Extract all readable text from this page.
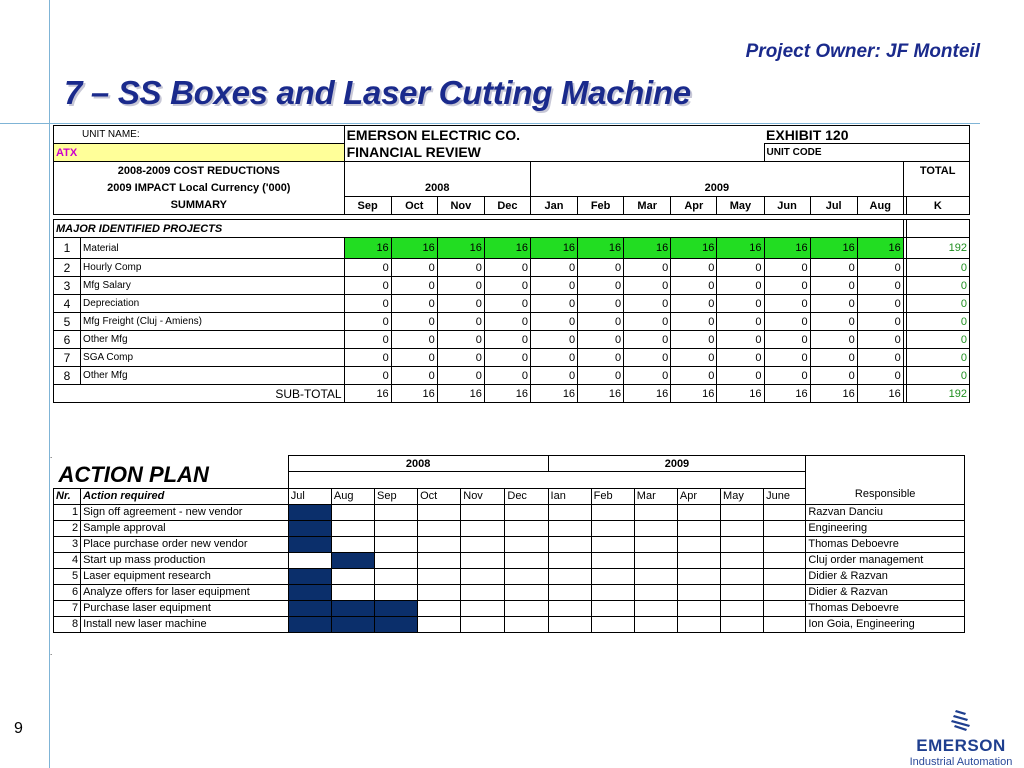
Project Owner: JF Monteil
7 – SS Boxes and Laser Cutting Machine
UNIT NAME:		EMERSON ELECTRIC CO.									EXHIBIT 120				
ATX		FINANCIAL REVIEW									UNIT CODE				
2008-2009 COST REDUCTIONS															TOTAL
2009 IMPACT Local Currency ('000)		2008				2009									
SUMMARY		Sep	Oct	Nov	Dec	Jan	Feb	Mar	Apr	May	Jun	Jul	Aug		K

MAJOR IDENTIFIED PROJECTS															
1	Material	16	16	16	16	16	16	16	16	16	16	16	16		192
2	Hourly Comp	0	0	0	0	0	0	0	0	0	0	0	0		0
3	Mfg Salary	0	0	0	0	0	0	0	0	0	0	0	0		0
4	Depreciation	0	0	0	0	0	0	0	0	0	0	0	0		0
5	Mfg Freight (Cluj - Amiens)	0	0	0	0	0	0	0	0	0	0	0	0		0
6	Other Mfg	0	0	0	0	0	0	0	0	0	0	0	0		0
7	SGA Comp	0	0	0	0	0	0	0	0	0	0	0	0		0
8	Other Mfg	0	0	0	0	0	0	0	0	0	0	0	0		0
SUB-TOTAL		16	16	16	16	16	16	16	16	16	16	16	16		192
ACTION PLAN		2008						2009						

Nr.	Action required	Jul	Aug	Sep	Oct	Nov	Dec	Ian	Feb	Mar	Apr	May	June	Responsible
1	Sign off agreement - new vendor													Razvan Danciu
2	Sample approval													Engineering
3	Place purchase order new vendor													Thomas Deboevre
4	Start up mass production													Cluj order management
5	Laser equipment research													Didier & Razvan
6	Analyze offers for laser equipment													Didier & Razvan
7	Purchase laser equipment													Thomas Deboevre
8	Install new laser machine													Ion Goia, Engineering
.
.
9
EMERSON
Industrial Automation
